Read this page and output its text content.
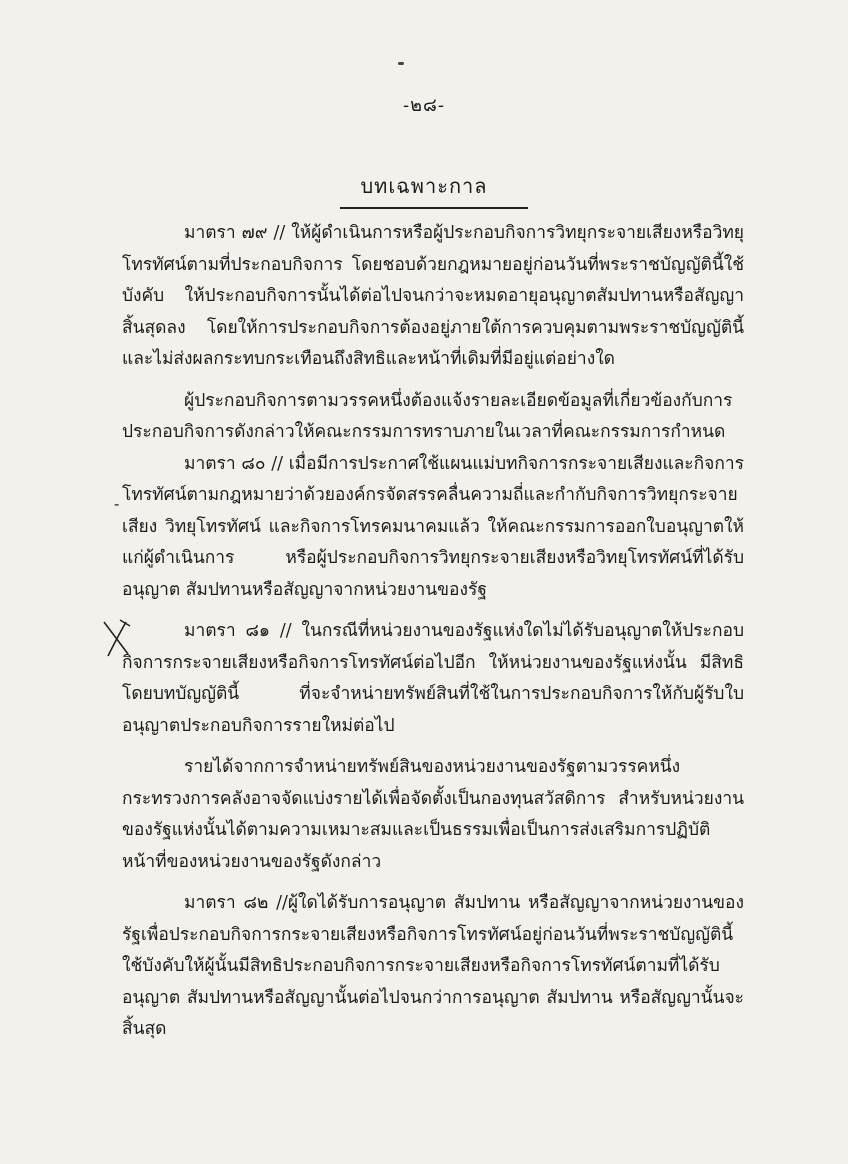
-๒๘-
บทเฉพาะกาล
-

มาตรา ๗๙ // ให้ผู้ดำเนินการหรือผู้ประกอบกิจการวิทยุกระจายเสียงหรือวิทยุโทรทัศน์ตามที่ประกอบกิจการ โดยชอบด้วยกฎหมายอยู่ก่อนวันที่พระราชบัญญัตินี้ใช้บังคับ ให้ประกอบกิจการนั้นได้ต่อไปจนกว่าจะหมดอายุอนุญาตสัมปทานหรือสัญญาสิ้นสุดลง โดยให้การประกอบกิจการต้องอยู่ภายใต้การควบคุมตามพระราชบัญญัตินี้ และไม่ส่งผลกระทบกระเทือนถึงสิทธิและหน้าที่เดิมที่มีอยู่แต่อย่างใด

ผู้ประกอบกิจการตามวรรคหนึ่งต้องแจ้งรายละเอียดข้อมูลที่เกี่ยวข้องกับการประกอบกิจการดังกล่าวให้คณะกรรมการทราบภายในเวลาที่คณะกรรมการกำหนด

มาตรา ๘๐ // เมื่อมีการประกาศใช้แผนแม่บทกิจการกระจายเสียงและกิจการโทรทัศน์ตามกฎหมายว่าด้วยองค์กรจัดสรรคลื่นความถี่และกำกับกิจการวิทยุกระจายเสียง วิทยุโทรทัศน์ และกิจการโทรคมนาคมแล้ว ให้คณะกรรมการออกใบอนุญาตให้แก่ผู้ดำเนินการ หรือผู้ประกอบกิจการวิทยุกระจายเสียงหรือวิทยุโทรทัศน์ที่ได้รับอนุญาต สัมปทานหรือสัญญาจากหน่วยงานของรัฐ

มาตรา ๘๑ // ในกรณีที่หน่วยงานของรัฐแห่งใดไม่ได้รับอนุญาตให้ประกอบกิจการกระจายเสียงหรือกิจการโทรทัศน์ต่อไปอีก ให้หน่วยงานของรัฐแห่งนั้น มีสิทธิโดยบทบัญญัตินี้ ที่จะจำหน่ายทรัพย์สินที่ใช้ในการประกอบกิจการให้กับผู้รับใบอนุญาตประกอบกิจการรายใหม่ต่อไป

รายได้จากการจำหน่ายทรัพย์สินของหน่วยงานของรัฐตามวรรคหนึ่ง กระทรวงการคลังอาจจัดแบ่งรายได้เพื่อจัดตั้งเป็นกองทุนสวัสดิการ สำหรับหน่วยงานของรัฐแห่งนั้นได้ตามความเหมาะสมและเป็นธรรมเพื่อเป็นการส่งเสริมการปฏิบัติหน้าที่ของหน่วยงานของรัฐดังกล่าว

มาตรา ๘๒ //ผู้ใดได้รับการอนุญาต สัมปทาน หรือสัญญาจากหน่วยงานของรัฐเพื่อประกอบกิจการกระจายเสียงหรือกิจการโทรทัศน์อยู่ก่อนวันที่พระราชบัญญัตินี้ใช้บังคับให้ผู้นั้นมีสิทธิประกอบกิจการกระจายเสียงหรือกิจการโทรทัศน์ตามที่ได้รับอนุญาต สัมปทานหรือสัญญานั้นต่อไปจนกว่าการอนุญาต สัมปทาน หรือสัญญานั้นจะสิ้นสุด
